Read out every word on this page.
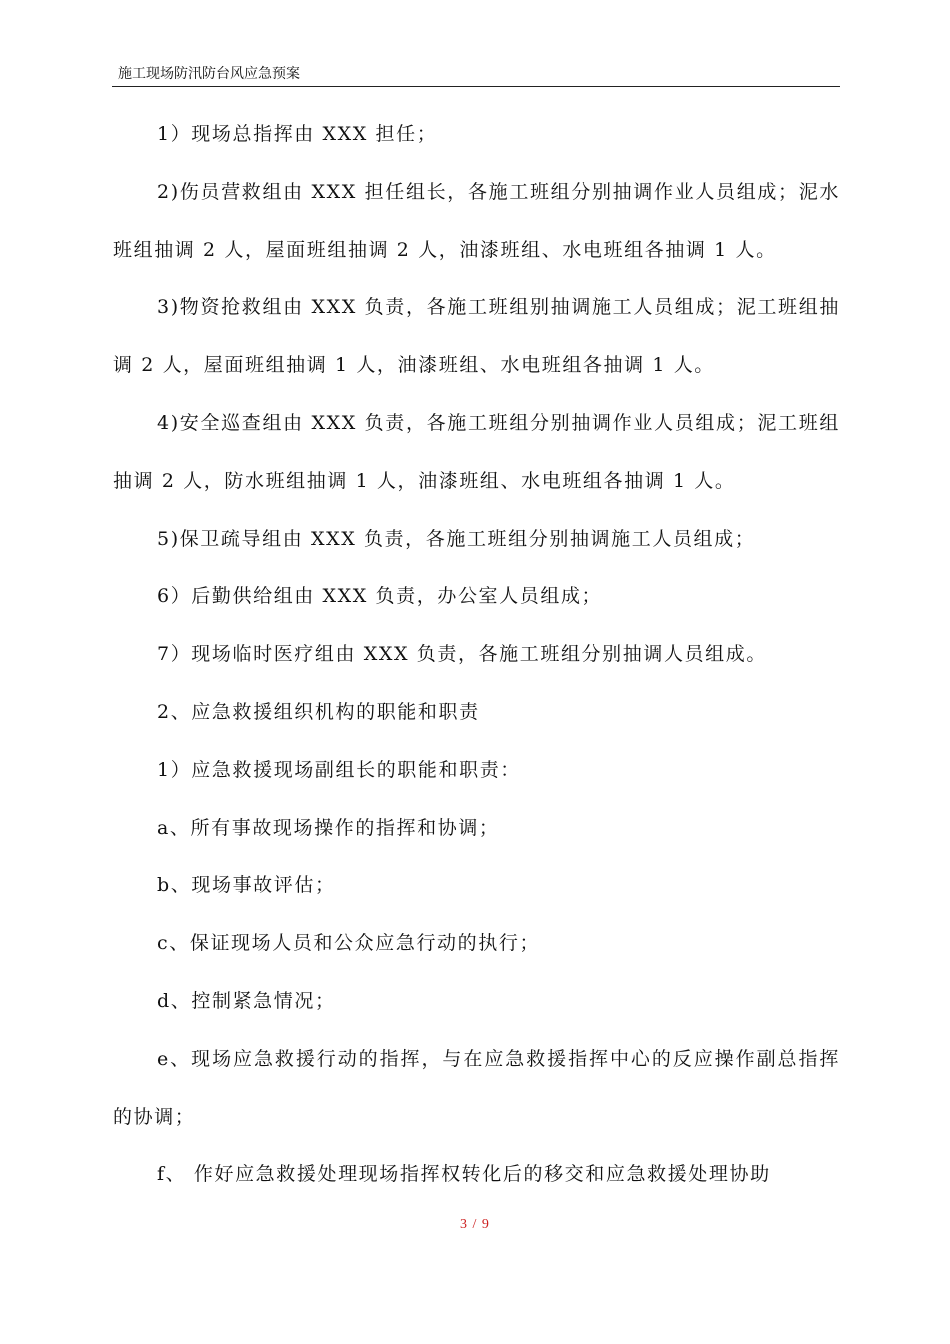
施工现场防汛防台风应急预案

1）现场总指挥由 XXX 担任；

2)伤员营救组由 XXX 担任组长，各施工班组分别抽调作业人员组成；泥水班组抽调 2 人，屋面班组抽调 2 人，油漆班组、水电班组各抽调 1 人。

3)物资抢救组由 XXX 负责，各施工班组别抽调施工人员组成；泥工班组抽调 2 人，屋面班组抽调 1 人，油漆班组、水电班组各抽调 1 人。

4)安全巡查组由 XXX 负责，各施工班组分别抽调作业人员组成；泥工班组抽调 2 人，防水班组抽调 1 人，油漆班组、水电班组各抽调 1 人。

5)保卫疏导组由 XXX 负责，各施工班组分别抽调施工人员组成；

6）后勤供给组由 XXX 负责，办公室人员组成；

7）现场临时医疗组由 XXX 负责，各施工班组分别抽调人员组成。

2、应急救援组织机构的职能和职责

1）应急救援现场副组长的职能和职责：

a、所有事故现场操作的指挥和协调；

b、现场事故评估；

c、保证现场人员和公众应急行动的执行；

d、控制紧急情况；

e、现场应急救援行动的指挥，与在应急救援指挥中心的反应操作副总指挥的协调；

f、 作好应急救援处理现场指挥权转化后的移交和应急救援处理协助

3 / 9
